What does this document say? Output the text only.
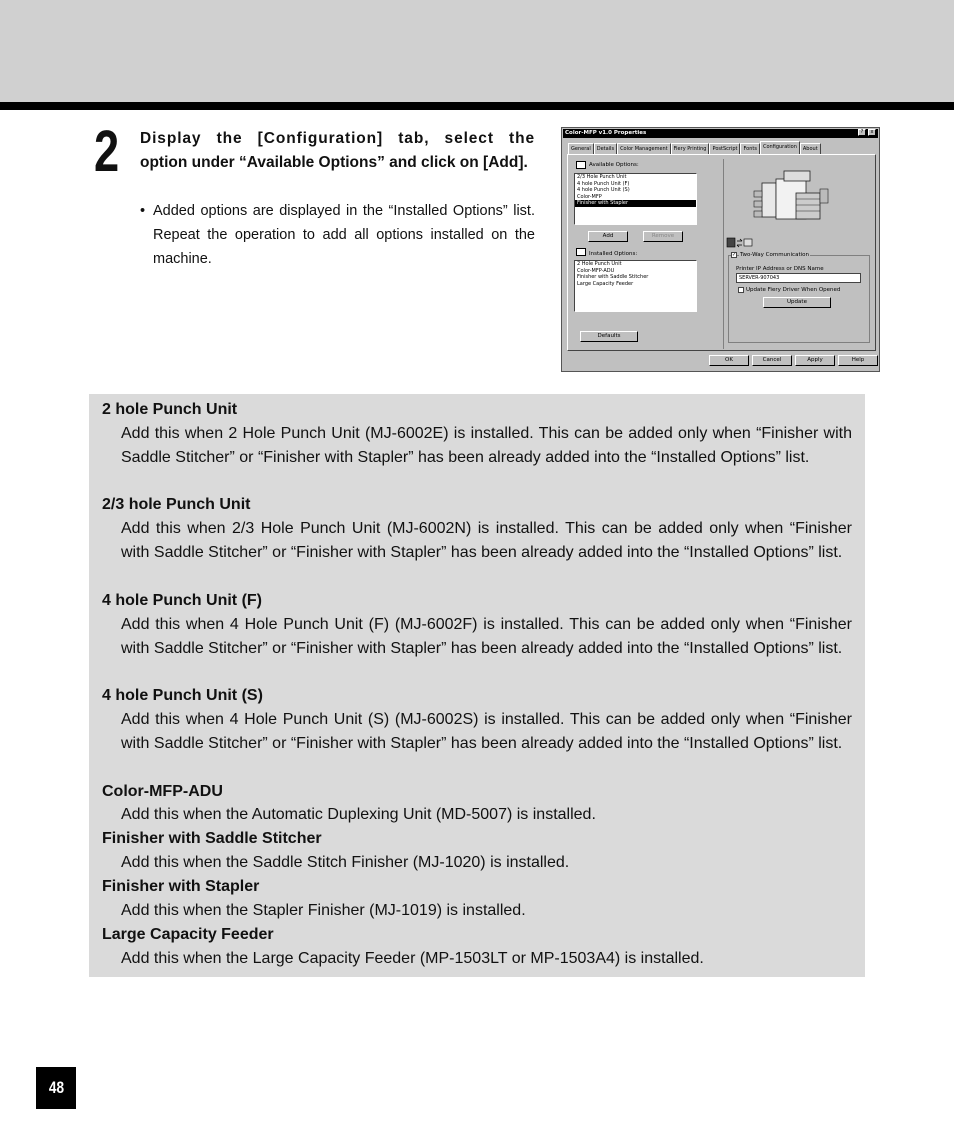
2 Display the [Configuration] tab, select the
option under “Available Options” and click on [Add].
• Added options are displayed in the “Installed Options” list. Repeat the operation to add all options installed on the machine.
Color-MFP v1.0 Properties	?	x
General	Details	Color Management	Fiery Printing	PostScript	Fonts	Configuration	About
Available Options:
2/3 Hole Punch Unit
4 hole Punch Unit (F)
4 hole Punch Unit (S)
Color-MFP
Finisher with Stapler
Add	Remove
Installed Options:
2 Hole Punch Unit
Color-MFP-ADU
Finisher with Saddle Stitcher
Large Capacity Feeder
Defaults
✓ Two-Way Communication
Printer IP Address or DNS Name
SERVER-907043
Update Fiery Driver When Opened
Update
OK	Cancel	Apply	Help
2 hole Punch Unit
Add this when 2 Hole Punch Unit (MJ-6002E) is installed. This can be added only when “Finisher with Saddle Stitcher” or “Finisher with Stapler” has been already added into the “Installed Options” list.
2/3 hole Punch Unit
Add this when 2/3 Hole Punch Unit (MJ-6002N) is installed. This can be added only when “Finisher with Saddle Stitcher” or “Finisher with Stapler” has been already added into the “Installed Options” list.
4 hole Punch Unit (F)
Add this when 4 Hole Punch Unit (F) (MJ-6002F) is installed. This can be added only when “Finisher with Saddle Stitcher” or “Finisher with Stapler” has been already added into the “Installed Options” list.
4 hole Punch Unit (S)
Add this when 4 Hole Punch Unit (S) (MJ-6002S) is installed. This can be added only when “Finisher with Saddle Stitcher” or “Finisher with Stapler” has been already added into the “Installed Options” list.
Color-MFP-ADU
Add this when the Automatic Duplexing Unit (MD-5007) is installed.
Finisher with Saddle Stitcher
Add this when the Saddle Stitch Finisher (MJ-1020) is installed.
Finisher with Stapler
Add this when the Stapler Finisher (MJ-1019) is installed.
Large Capacity Feeder
Add this when the Large Capacity Feeder (MP-1503LT or MP-1503A4) is installed.
48
